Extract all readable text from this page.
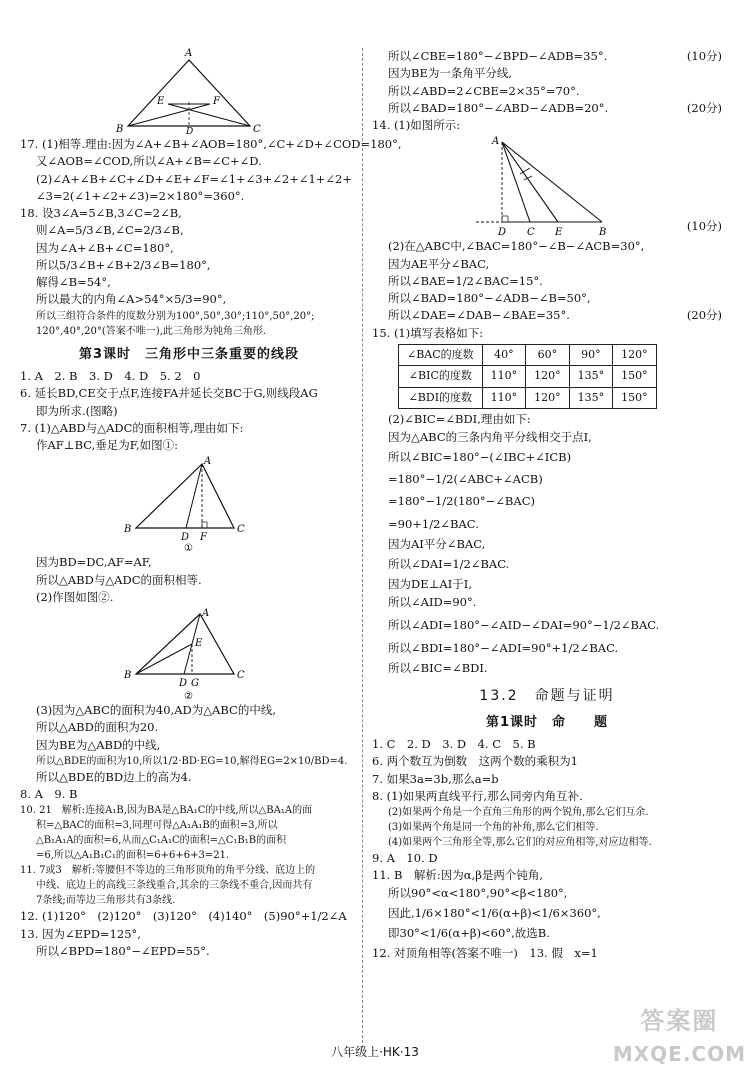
A
E	F
B	C
D
17. (1)相等.理由:因为∠A+∠B+∠AOB=180°,∠C+∠D+∠COD=180°,
又∠AOB=∠COD,所以∠A+∠B=∠C+∠D.
(2)∠A+∠B+∠C+∠D+∠E+∠F=∠1+∠3+∠2+∠1+∠2+
∠3=2(∠1+∠2+∠3)=2×180°=360°.
18. 设3∠A=5∠B,3∠C=2∠B,
则∠A=5/3∠B,∠C=2/3∠B,
因为∠A+∠B+∠C=180°,
所以5/3∠B+∠B+2/3∠B=180°,
解得∠B=54°,
所以最大的内角∠A>54°×5/3=90°,
所以三组符合条件的度数分别为100°,50°,30°;110°,50°,20°;
120°,40°,20°(答案不唯一),此三角形为钝角三角形.
第3课时　三角形中三条重要的线段
1. A　2. B　3. D　4. D　5. 2　0
6. 延长BD,CE交于点F,连接FA并延长交BC于G,则线段AG
即为所求.(图略)
7. (1)△ABD与△ADC的面积相等,理由如下:
作AF⊥BC,垂足为F,如图①:
A
B
D F
C
①
因为BD=DC,AF=AF,
所以△ABD与△ADC的面积相等.
(2)作图如图②.
A
B
D G
C
E
②
(3)因为△ABC的面积为40,AD为△ABC的中线,
所以△ABD的面积为20.
因为BE为△ABD的中线,
所以△BDE的面积为10,所以1/2·BD·EG=10,解得EG=2×10/BD=4.
所以△BDE的BD边上的高为4.
8. A　9. B
10. 21　解析:连接A₁B,因为BA是△BA₁C的中线,所以△BA₁A的面
积=△BAC的面积=3,同理可得△A₁A₁B的面积=3,所以
△B₁A₁A的面积=6,从而△C₁A₁C的面积=△C₁B₁B的面积
=6,所以△A₁B₁C₁的面积=6+6+6+3=21.
11. 7或3　解析:等腰但不等边的三角形顶角的角平分线、底边上的
中线、底边上的高线三条线重合,其余的三条线不重合,因而共有
7条线;而等边三角形共有3条线.
12. (1)120°　(2)120°　(3)120°　(4)140°　(5)90°+1/2∠A
13. 因为∠EPD=125°,
所以∠BPD=180°−∠EPD=55°.
所以∠CBE=180°−∠BPD−∠ADB=35°.	(10分)
因为BE为一条角平分线,
所以∠ABD=2∠CBE=2×35°=70°.
所以∠BAD=180°−∠ABD−∠ADB=20°.	(20分)
14. (1)如图所示:
A
D C E	B	(10分)
(2)在△ABC中,∠BAC=180°−∠B−∠ACB=30°,
因为AE平分∠BAC,
所以∠BAE=1/2∠BAC=15°.
所以∠BAD=180°−∠ADB−∠B=50°,
所以∠DAE=∠DAB−∠BAE=35°.	(20分)
15. (1)填写表格如下:
∠BAC的度数	40°	60°	90°	120°
∠BIC的度数	110°	120°	135°	150°
∠BDI的度数	110°	120°	135°	150°
(2)∠BIC=∠BDI,理由如下:
因为△ABC的三条内角平分线相交于点I,
所以∠BIC=180°−(∠IBC+∠ICB)
=180°−1/2(∠ABC+∠ACB)
=180°−1/2(180°−∠BAC)
=90+1/2∠BAC.
因为AI平分∠BAC,
所以∠DAI=1/2∠BAC.
因为DE⊥AI于I,
所以∠AID=90°.
所以∠ADI=180°−∠AID−∠DAI=90°−1/2∠BAC.
所以∠BDI=180°−∠ADI=90°+1/2∠BAC.
所以∠BIC=∠BDI.
13.2　命题与证明
第1课时　命　　题
1. C　2. D　3. D　4. C　5. B
6. 两个数互为倒数　这两个数的乘积为1
7. 如果3a=3b,那么a=b
8. (1)如果两直线平行,那么同旁内角互补.
(2)如果两个角是一个直角三角形的两个锐角,那么它们互余.
(3)如果两个角是同一个角的补角,那么它们相等.
(4)如果两个三角形全等,那么它们的对应角相等,对应边相等.
9. A　10. D
11. B　解析:因为α,β是两个钝角,
所以90°<α<180°,90°<β<180°,
因此,1/6×180°<1/6(α+β)<1/6×360°,
即30°<1/6(α+β)<60°,故选B.
12. 对顶角相等(答案不唯一)　13. 假　x=1
八年级上·HK·13
答案圈
MXQE.COM
